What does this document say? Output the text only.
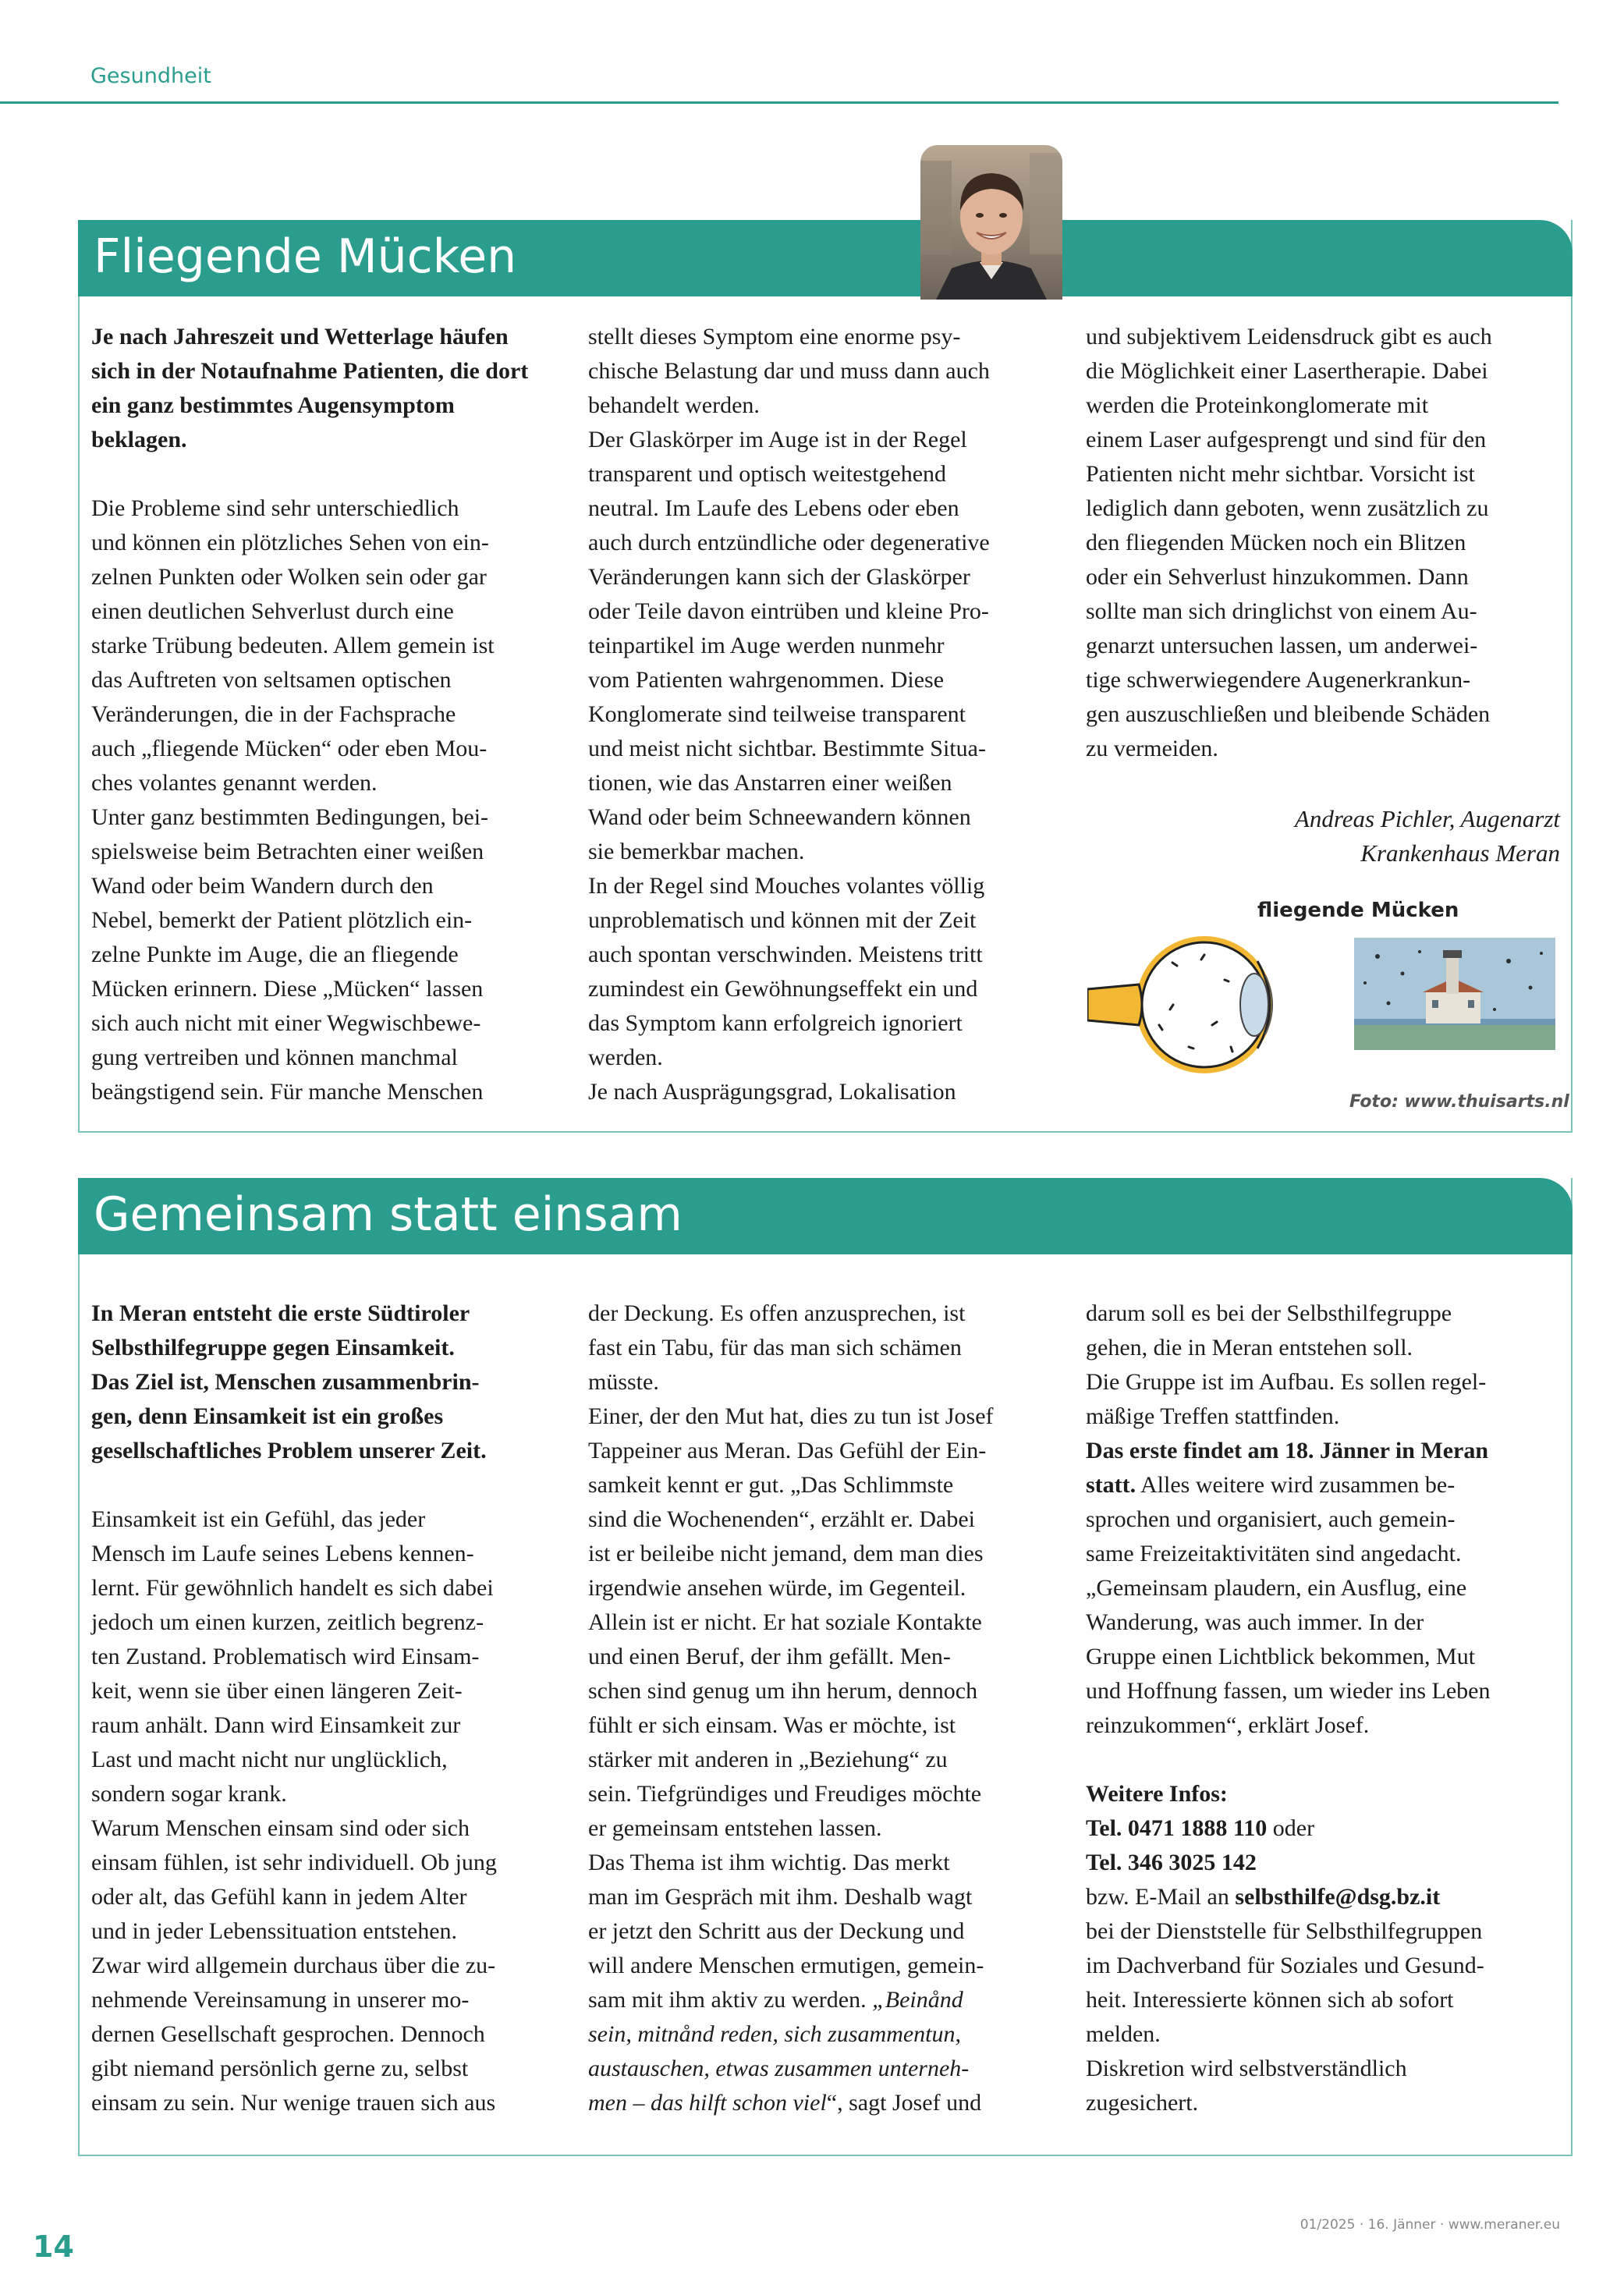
Gesundheit
Fliegende Mücken

Je nach Jahreszeit und Wetterlage häufen sich in der Notaufnahme Patienten, die dort ein ganz bestimmtes Augensymptom beklagen.

Die Probleme sind sehr unterschiedlich
und können ein plötzliches Sehen von ein-
zelnen Punkten oder Wolken sein oder gar
einen deutlichen Sehverlust durch eine
starke Trübung bedeuten. Allem gemein ist
das Auftreten von seltsamen optischen
Veränderungen, die in der Fachsprache
auch „fliegende Mücken“ oder eben Mou-
ches volantes genannt werden.
Unter ganz bestimmten Bedingungen, bei-
spielsweise beim Betrachten einer weißen
Wand oder beim Wandern durch den
Nebel, bemerkt der Patient plötzlich ein-
zelne Punkte im Auge, die an fliegende
Mücken erinnern. Diese „Mücken“ lassen
sich auch nicht mit einer Wegwischbewe-
gung vertreiben und können manchmal
beängstigend sein. Für manche Menschen
stellt dieses Symptom eine enorme psy-
chische Belastung dar und muss dann auch
behandelt werden.
Der Glaskörper im Auge ist in der Regel
transparent und optisch weitestgehend
neutral. Im Laufe des Lebens oder eben
auch durch entzündliche oder degenerative
Veränderungen kann sich der Glaskörper
oder Teile davon eintrüben und kleine Pro-
teinpartikel im Auge werden nunmehr
vom Patienten wahrgenommen. Diese
Konglomerate sind teilweise transparent
und meist nicht sichtbar. Bestimmte Situa-
tionen, wie das Anstarren einer weißen
Wand oder beim Schneewandern können
sie bemerkbar machen.
In der Regel sind Mouches volantes völlig
unproblematisch und können mit der Zeit
auch spontan verschwinden. Meistens tritt
zumindest ein Gewöhnungseffekt ein und
das Symptom kann erfolgreich ignoriert
werden.
Je nach Ausprägungsgrad, Lokalisation
und subjektivem Leidensdruck gibt es auch
die Möglichkeit einer Lasertherapie. Dabei
werden die Proteinkonglomerate mit
einem Laser aufgesprengt und sind für den
Patienten nicht mehr sichtbar. Vorsicht ist
lediglich dann geboten, wenn zusätzlich zu
den fliegenden Mücken noch ein Blitzen
oder ein Sehverlust hinzukommen. Dann
sollte man sich dringlichst von einem Au-
genarzt untersuchen lassen, um anderwei-
tige schwerwiegendere Augenerkrankun-
gen auszuschließen und bleibende Schäden
zu vermeiden.
Andreas Pichler, Augenarzt
Krankenhaus Meran
fliegende Mücken
Foto: www.thuisarts.nl
Gemeinsam statt einsam
In Meran entsteht die erste Südtiroler
Selbsthilfegruppe gegen Einsamkeit.
Das Ziel ist, Menschen zusammenbrin-
gen, denn Einsamkeit ist ein großes
gesellschaftliches Problem unserer Zeit.
Einsamkeit ist ein Gefühl, das jeder
Mensch im Laufe seines Lebens kennen-
lernt. Für gewöhnlich handelt es sich dabei
jedoch um einen kurzen, zeitlich begrenz-
ten Zustand. Problematisch wird Einsam-
keit, wenn sie über einen längeren Zeit-
raum anhält. Dann wird Einsamkeit zur
Last und macht nicht nur unglücklich,
sondern sogar krank.
Warum Menschen einsam sind oder sich
einsam fühlen, ist sehr individuell. Ob jung
oder alt, das Gefühl kann in jedem Alter
und in jeder Lebenssituation entstehen.
Zwar wird allgemein durchaus über die zu-
nehmende Vereinsamung in unserer mo-
dernen Gesellschaft gesprochen. Dennoch
gibt niemand persönlich gerne zu, selbst
einsam zu sein. Nur wenige trauen sich aus
der Deckung. Es offen anzusprechen, ist
fast ein Tabu, für das man sich schämen
müsste.
Einer, der den Mut hat, dies zu tun ist Josef
Tappeiner aus Meran. Das Gefühl der Ein-
samkeit kennt er gut. „Das Schlimmste
sind die Wochenenden“, erzählt er. Dabei
ist er beileibe nicht jemand, dem man dies
irgendwie ansehen würde, im Gegenteil.
Allein ist er nicht. Er hat soziale Kontakte
und einen Beruf, der ihm gefällt. Men-
schen sind genug um ihn herum, dennoch
fühlt er sich einsam. Was er möchte, ist
stärker mit anderen in „Beziehung“ zu
sein. Tiefgründiges und Freudiges möchte
er gemeinsam entstehen lassen.
Das Thema ist ihm wichtig. Das merkt
man im Gespräch mit ihm. Deshalb wagt
er jetzt den Schritt aus der Deckung und
will andere Menschen ermutigen, gemein-
sam mit ihm aktiv zu werden. „Beinånd
sein, mitnånd reden, sich zusammentun,
austauschen, etwas zusammen unterneh-
men – das hilft schon viel“, sagt Josef und
darum soll es bei der Selbsthilfegruppe
gehen, die in Meran entstehen soll.
Die Gruppe ist im Aufbau. Es sollen regel-
mäßige Treffen stattfinden.
Das erste findet am 18. Jänner in Meran
statt. Alles weitere wird zusammen be-
sprochen und organisiert, auch gemein-
same Freizeitaktivitäten sind angedacht.
„Gemeinsam plaudern, ein Ausflug, eine
Wanderung, was auch immer. In der
Gruppe einen Lichtblick bekommen, Mut
und Hoffnung fassen, um wieder ins Leben
reinzukommen“, erklärt Josef.
Weitere Infos:
Tel. 0471 1888 110 oder
Tel. 346 3025 142
bzw. E-Mail an selbsthilfe@dsg.bz.it
bei der Dienststelle für Selbsthilfegruppen
im Dachverband für Soziales und Gesund-
heit. Interessierte können sich ab sofort
melden.
Diskretion wird selbstverständlich
zugesichert.
14
01/2025 · 16. Jänner · www.meraner.eu
